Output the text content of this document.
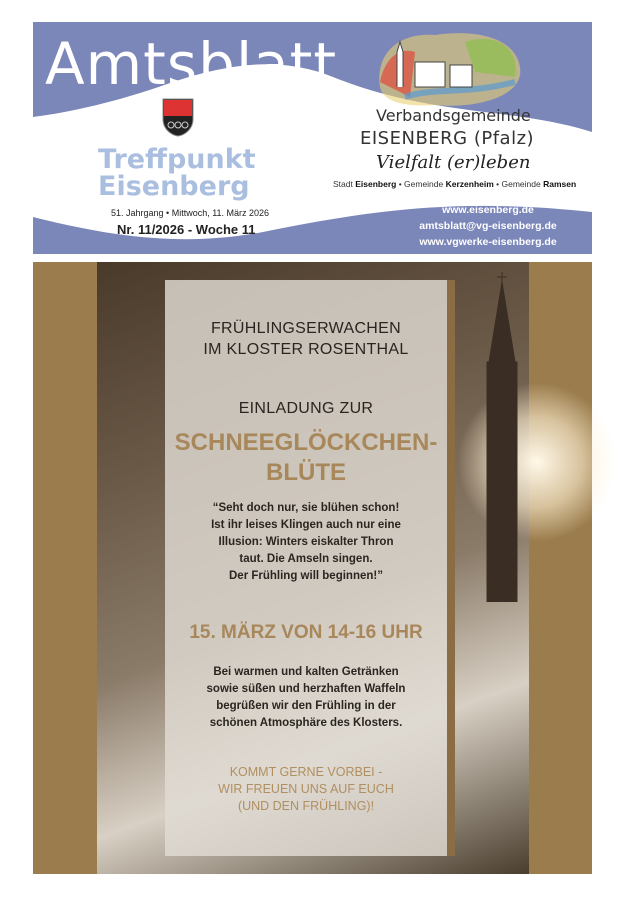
Amtsblatt
Treffpunkt
Eisenberg
51. Jahrgang • Mittwoch, 11. März 2026
Nr. 11/2026 - Woche 11
Verbandsgemeinde
EISENBERG (Pfalz)
Vielfalt (er)leben
Stadt Eisenberg • Gemeinde Kerzenheim • Gemeinde Ramsen
www.eisenberg.de
amtsblatt@vg-eisenberg.de
www.vgwerke-eisenberg.de
FRÜHLINGSERWACHEN
IM KLOSTER ROSENTHAL
EINLADUNG ZUR
SCHNEEGLÖCKCHEN-
BLÜTE
“Seht doch nur, sie blühen schon!
Ist ihr leises Klingen auch nur eine
Illusion: Winters eiskalter Thron
taut. Die Amseln singen.
Der Frühling will beginnen!”
15. MÄRZ VON 14-16 UHR
Bei warmen und kalten Getränken
sowie süßen und herzhaften Waffeln
begrüßen wir den Frühling in der
schönen Atmosphäre des Klosters.
KOMMT GERNE VORBEI -
WIR FREUEN UNS AUF EUCH
(UND DEN FRÜHLING)!
